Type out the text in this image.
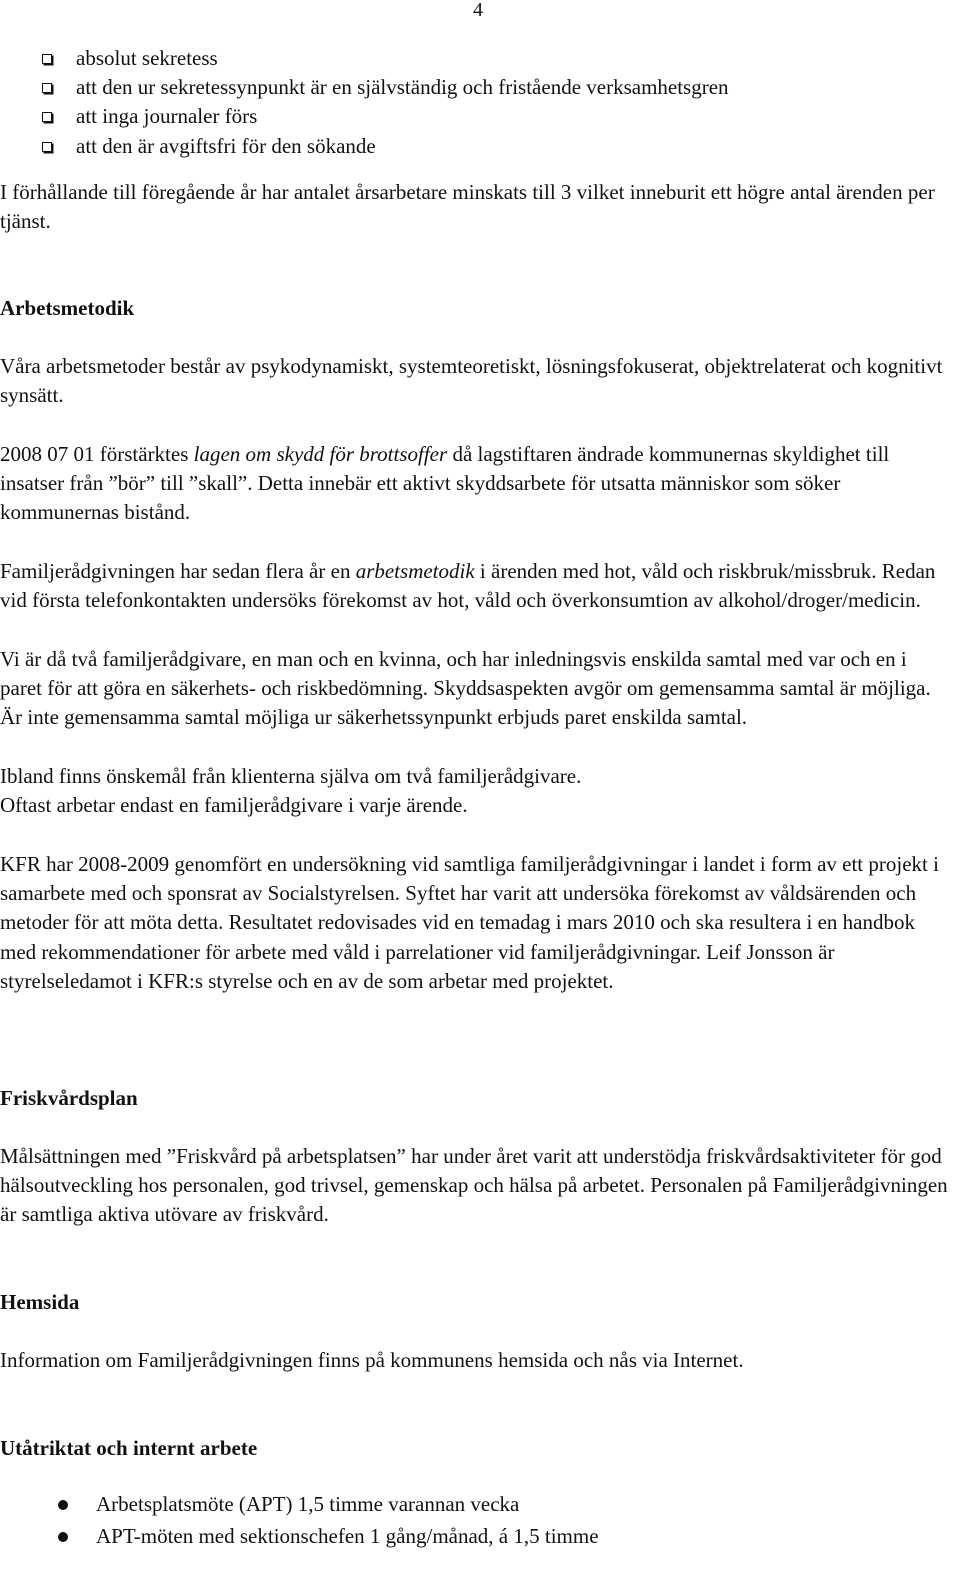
4
absolut sekretess
att den ur sekretessynpunkt är en självständig och fristående verksamhetsgren
att inga journaler förs
att den är avgiftsfri för den sökande

I förhållande till föregående år har antalet årsarbetare minskats till 3 vilket inneburit ett högre antal ärenden per tjänst.

Arbetsmetodik

Våra arbetsmetoder består av psykodynamiskt, systemteoretiskt, lösningsfokuserat, objektrelaterat och kognitivt synsätt.

2008 07 01 förstärktes lagen om skydd för brottsoffer då lagstiftaren ändrade kommunernas skyldighet till insatser från ”bör” till ”skall”. Detta innebär ett aktivt skyddsarbete för utsatta människor som söker kommunernas bistånd.

Familjerådgivningen har sedan flera år en arbetsmetodik i ärenden med hot, våld och riskbruk/missbruk. Redan vid första telefonkontakten undersöks förekomst av hot, våld och överkonsumtion av alkohol/droger/medicin.

Vi är då två familjerådgivare, en man och en kvinna, och har inledningsvis enskilda samtal med var och en i paret för att göra en säkerhets- och riskbedömning. Skyddsaspekten avgör om gemensamma samtal är möjliga. Är inte gemensamma samtal möjliga ur säkerhetssynpunkt erbjuds paret enskilda samtal.

Ibland finns önskemål från klienterna själva om två familjerådgivare.

Oftast arbetar endast en familjerådgivare i varje ärende.

KFR har 2008-2009 genomfört en undersökning vid samtliga familjerådgivningar i landet i form av ett projekt i samarbete med och sponsrat av Socialstyrelsen. Syftet har varit att undersöka förekomst av våldsärenden och metoder för att möta detta. Resultatet redovisades vid en temadag i mars 2010 och ska resultera i en handbok med rekommendationer för arbete med våld i parrelationer vid familjerådgivningar. Leif Jonsson är styrelseledamot i KFR:s styrelse och en av de som arbetar med projektet.

Friskvårdsplan

Målsättningen med ”Friskvård på arbetsplatsen” har under året varit att understödja friskvårdsaktiviteter för god hälsoutveckling hos personalen, god trivsel, gemenskap och hälsa på arbetet. Personalen på Familjerådgivningen är samtliga aktiva utövare av friskvård.

Hemsida

Information om Familjerådgivningen finns på kommunens hemsida och nås via Internet.

Utåtriktat och internt arbete

Arbetsplatsmöte (APT) 1,5 timme varannan vecka
APT-möten med sektionschefen 1 gång/månad, á 1,5 timme
